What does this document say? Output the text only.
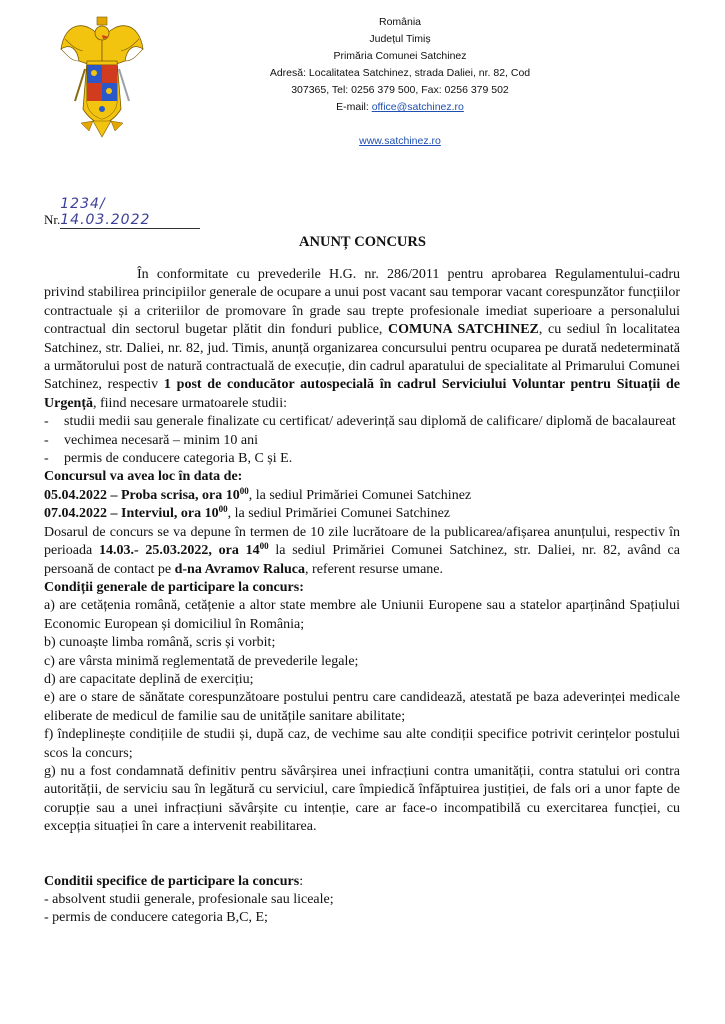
România
Județul Timiș
Primăria Comunei Satchinez
Adresă: Localitatea Satchinez, strada Daliei, nr. 82, Cod 307365, Tel: 0256 379 500, Fax: 0256 379 502
E-mail: office@satchinez.ro
www.satchinez.ro
Nr.1234/ 14.03.2022
ANUNȚ CONCURS

În conformitate cu prevederile H.G. nr. 286/2011 pentru aprobarea Regulamentului-cadru privind stabilirea principiilor generale de ocupare a unui post vacant sau temporar vacant corespunzător funcțiilor contractuale și a criteriilor de promovare în grade sau trepte profesionale imediat superioare a personalului contractual din sectorul bugetar plătit din fonduri publice, COMUNA SATCHINEZ, cu sediul în localitatea Satchinez, str. Daliei, nr. 82, jud. Timis, anunță organizarea concursului pentru ocuparea pe durată nedeterminată a următorului post de natură contractuală de execuție, din cadrul aparatului de specialitate al Primarului Comunei Satchinez, respectiv 1 post de conducător autospecială în cadrul Serviciului Voluntar pentru Situații de Urgență, fiind necesare urmatoarele studii:

- studii medii sau generale finalizate cu certificat/ adeverință sau diplomă de calificare/ diplomă de bacalaureat
- vechimea necesară – minim 10 ani
- permis de conducere categoria B, C și E.

Concursul va avea loc în data de:

05.04.2022 – Proba scrisa, ora $10^{00}$, la sediul Primăriei Comunei Satchinez

07.04.2022 – Interviul, ora $10^{00}$, la sediul Primăriei Comunei Satchinez

Dosarul de concurs se va depune în termen de 10 zile lucrătoare de la publicarea/afișarea anunțului, respectiv în perioada 14.03.- 25.03.2022, ora $14^{00}$ la sediul Primăriei Comunei Satchinez, str. Daliei, nr. 82, având ca persoană de contact pe d-na Avramov Raluca, referent resurse umane.

Condiții generale de participare la concurs:

a) are cetățenia română, cetățenie a altor state membre ale Uniunii Europene sau a statelor aparținând Spațiului Economic European și domiciliul în România;

b) cunoaște limba română, scris și vorbit;

c) are vârsta minimă reglementată de prevederile legale;

d) are capacitate deplină de exercițiu;

e) are o stare de sănătate corespunzătoare postului pentru care candidează, atestată pe baza adeverinței medicale eliberate de medicul de familie sau de unitățile sanitare abilitate;

f) îndeplinește condițiile de studii și, după caz, de vechime sau alte condiții specifice potrivit cerințelor postului scos la concurs;

g) nu a fost condamnată definitiv pentru săvârșirea unei infracțiuni contra umanității, contra statului ori contra autorității, de serviciu sau în legătură cu serviciul, care împiedică înfăptuirea justiției, de fals ori a unor fapte de corupție sau a unei infracțiuni săvârșite cu intenție, care ar face-o incompatibilă cu exercitarea funcției, cu excepția situației în care a intervenit reabilitarea.

Conditii specifice de participare la concurs:

- absolvent studii generale, profesionale sau liceale;

- permis de conducere categoria B,C, E;
